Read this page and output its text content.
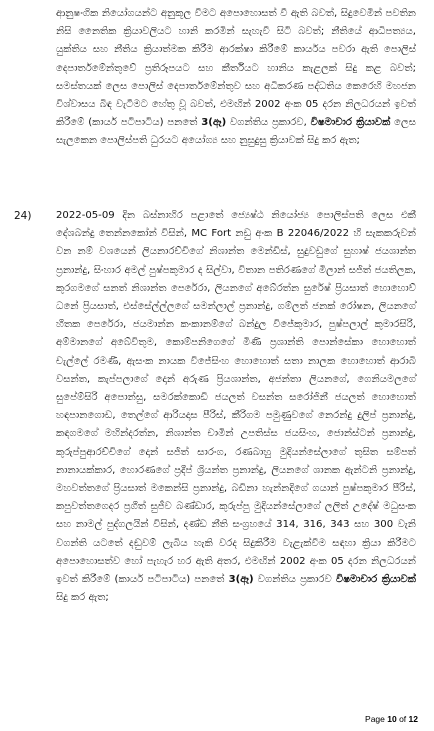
ආනුෂංගික නියෝගයන්ට අනුකූල වීමට අපොහොසත් වී ඇති බවත්, සිදුවෙමින් පවතින නිසි නෛතික ක්‍රියාවලියට හානි කරමින් සැහැවී සිටි බවත්; නීතියේ ආධිපත්‍යය, යුක්තිය සහ නීතිය ක්‍රියාත්මක කිරීම ආරක්ෂා කිරීමේ කාර්යය පවරා ඇති පොලිස් දෙපාර්තමේන්තුවේ ප්‍රතිරූපයට සහ කීර්තියට හානිය කැළලක් සිදු කළ බවත්; සමස්තයක් ලෙස පොලිස් දෙපාර්තමේන්තුව සහ අධිකරණ පද්ධතිය කෙරෙහි මහජන විශ්වාසය බිඳ වැටීමට හේතු වූ බවත්, එමඟින් 2002 අංක 05 දරන නිලධරයන් ඉවත් කිරීමේ (කාර්ය පටිපාටිය) පනතේ 3(ඈ) වගන්තිය ප්‍රකාරව, විෂමාචාර ක්‍රියාවක් ලෙස සැලකෙන පොලිස්පති ධුරයට අයෝග්‍ය සහ නුසුදුසු ක්‍රියාවක් සිදු කර ඇත;

24) 2022-05-09 දින බස්නාහිර පළාතේ ජ්‍යෙෂ්ඨ නියෝජ්‍ය පොලිස්පති ලෙස එකී දේශබන්දු තෙන්නකෝන් විසින්, MC Fort නඩු අංක B 22046/2022 හි සැකකරුවන් වන නම් වශයෙන් ලියනාරච්චිගේ නිශාන්ත මෙන්ඩිස්, සුදුවඩුගේ සුහාෂ් ජයශාන්ත ප්‍රනාන්දු, සිංහාර අමල් පුෂ්පකුමාර ද සිල්වා, විතාන පතිරණගේ මිලාන් සජිත් ජයතිලක, කුරගමගේ සනත් නිශාන්ත පෙරේරා, ලියනගේ අබේරත්න සුරේෂ් ප්‍රියසාත් හොහොව් ධනේ ප්‍රියසාත්, එස්සේල්ල්ලගේ සමන්ලාල් ප්‍රනාන්දු, ගම්ලත් ජනක් රෝෂන, ලියනගේ හීතක පෙරේරා, ජයමාන්න කංකානම්ගේ බන්දුල විජේකුමාර, පුෂ්පලාල් කුමාරසිරි, අම්මානගේ අබේවිතුම, කොම්පනිගෙගේ මිණි ප්‍රශාන්ති පොන්සේකා හොහොත් චැල්ලේ රමණී, ඇසංක නායක විජේසිංහ හොහොත් සතා නාලක හොහොත් ආරාබි වසන්ත, කැප්පලාගේ දොන් අරුණ ප්‍රියශාන්ත, අජන්තා ලියනගේ, ගෙනියමලගේ සුපේම්සිරි අපොන්සු, සමරක්කොඩි ජයලත් වසන්ත සරෝජිනී ජයලත් හොහොත් හඳපානගොඩ, තෙල්ගේ ආරියදාස පීරිස්, කීරිගම පමුණුවගේ නෙරන්දු දුලිප් ප්‍රනාන්දු, කඳගමගේ මහින්දරත්න, නිශාන්ත චාමින් උපතිස්ස ජයසිංහ, ජොන්ස්ටන් ප්‍රනාන්දු, කුරුප්පුආරච්චිගේ දොන් සජිත් සාරංග, රණබාහු මුදියන්සේලාගේ තුසිත සම්පත් නානායක්කාර, හොරණගේ ප්‍රදීප් ශ්‍රියන්ත ප්‍රනාන්දු, ලියනගේ ශානක ඇන්ටනි ප්‍රනාන්දු, මහවත්තගේ ප්‍රියසාත් මකෙන්සි ප්‍රනාන්දු, බඩිනා හැන්නදිගේ ගයාන් පුෂ්පකුමාර පීරිස්, කපුවත්තගෙදර ප්‍රගීත් සුජීව බණ්ඩාර, කුරුප්පු මුදියන්සේලාගේ ලලිත් උදේෂ් මධුසංක සහ නාමල් පුද්ගලයින් විසින්, දණ්ඩ නීති සංග්‍රහයේ 314, 316, 343 සහ 300 වැනි වගන්ති යටතේ දඬුවම් ලැබිය හැකි වරද සිදුකිරීම වැළැක්වීම සඳහා ක්‍රියා කිරීමට අපොහොසත්ව හෝ පැහැර හර ඇති අතර, එමඟින් 2002 අංක 05 දරන නිලධරයන් ඉවත් කිරීමේ (කාර්ය පටිපාටිය) පනතේ 3(ඈ) වගන්තිය ප්‍රකාරව විෂමාචාර ක්‍රියාවක් සිදු කර ඇත;

Page 10 of 12
